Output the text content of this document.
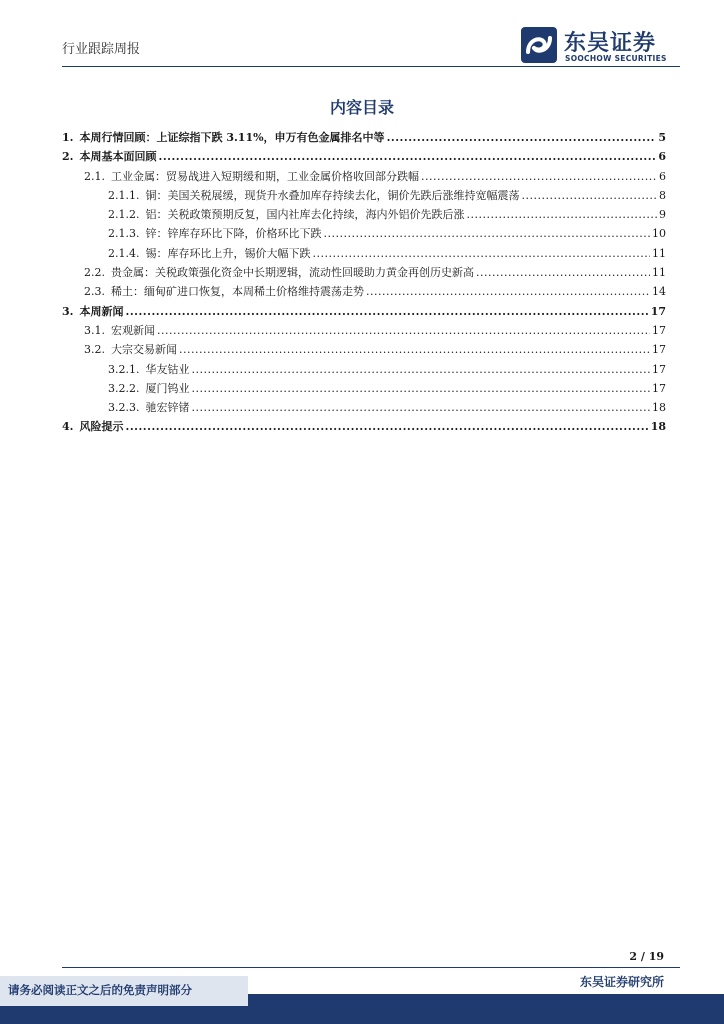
行业跟踪周报	东吴证券
SOOCHOW SECURITIES
内容目录
1. 本周行情回顾：上证综指下跌 3.11%，申万有色金属排名中等 .....	5
2. 本周基本面回顾 .....	6
2.1. 工业金属：贸易战进入短期缓和期，工业金属价格收回部分跌幅 .....	6
2.1.1. 铜：美国关税展缓，现货升水叠加库存持续去化，铜价先跌后涨维持宽幅震荡 .....	8
2.1.2. 铝：关税政策预期反复，国内社库去化持续，海内外铝价先跌后涨 .....	9
2.1.3. 锌：锌库存环比下降，价格环比下跌 .....	10
2.1.4. 锡：库存环比上升，锡价大幅下跌 .....	11
2.2. 贵金属：关税政策强化资金中长期逻辑，流动性回暖助力黄金再创历史新高 .....	11
2.3. 稀土：缅甸矿进口恢复，本周稀土价格维持震荡走势 .....	14
3. 本周新闻 .....	17
3.1. 宏观新闻 .....	17
3.2. 大宗交易新闻 .....	17
3.2.1. 华友钴业 .....	17
3.2.2. 厦门钨业 .....	17
3.2.3. 驰宏锌锗 .....	18
4. 风险提示 .....	18
2 / 19
东吴证券研究所
请务必阅读正文之后的免责声明部分
